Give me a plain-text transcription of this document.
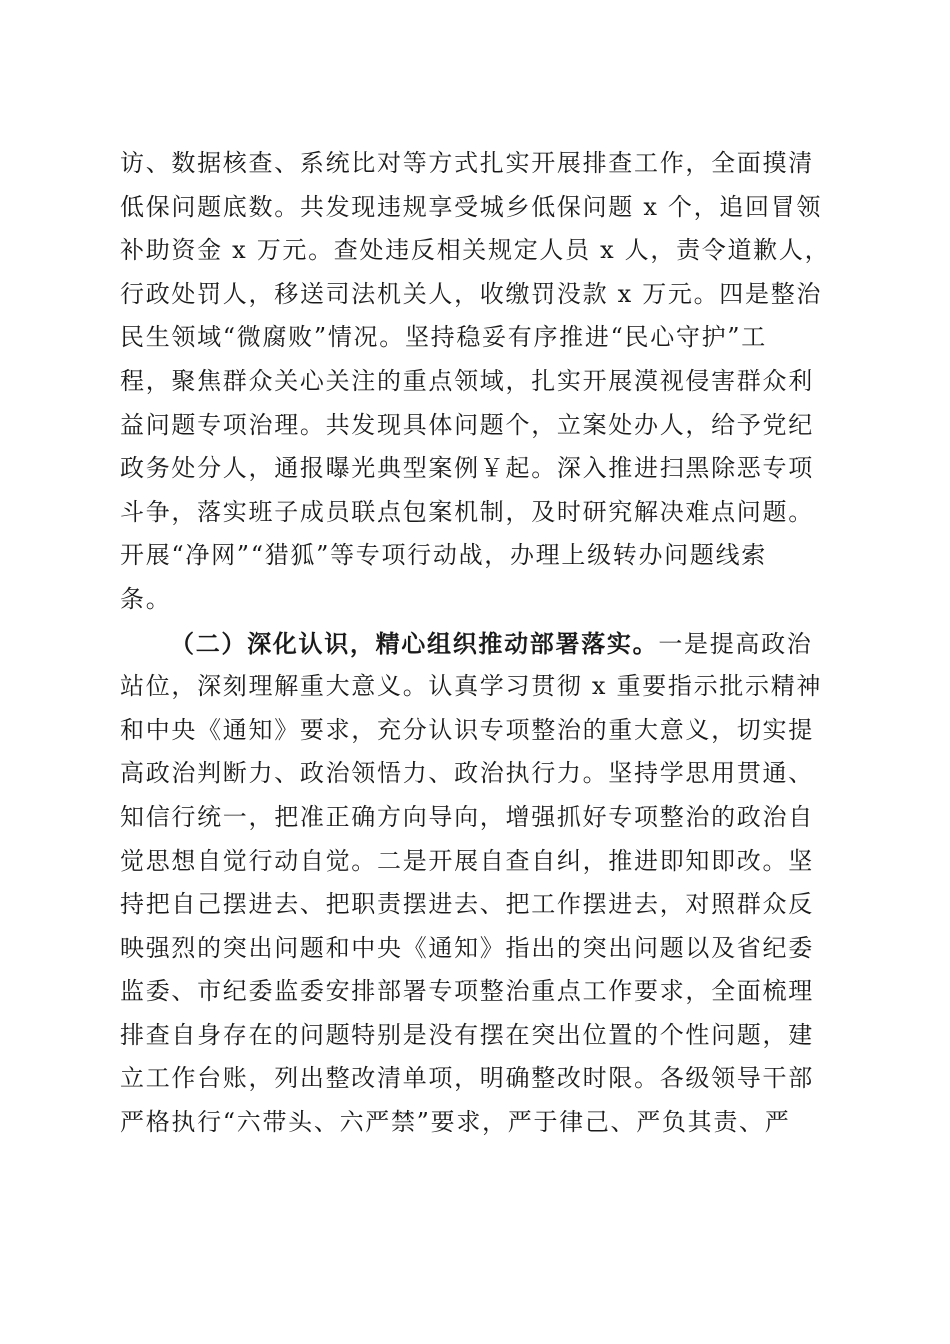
访、数据核查、系统比对等方式扎实开展排查工作，全面摸清
低保问题底数。共发现违规享受城乡低保问题 x 个，追回冒领
补助资金 x 万元。查处违反相关规定人员 x 人，责令道歉人，
行政处罚人，移送司法机关人，收缴罚没款 x 万元。四是整治
民生领域“微腐败”情况。坚持稳妥有序推进“民心守护”工
程，聚焦群众关心关注的重点领域，扎实开展漠视侵害群众利
益问题专项治理。共发现具体问题个，立案处办人，给予党纪
政务处分人，通报曝光典型案例￥起。深入推进扫黑除恶专项
斗争，落实班子成员联点包案机制，及时研究解决难点问题。
开展“净网”“猎狐”等专项行动战，办理上级转办问题线索
条。
（二）深化认识，精心组织推动部署落实。一是提高政治
站位，深刻理解重大意义。认真学习贯彻 x 重要指示批示精神
和中央《通知》要求，充分认识专项整治的重大意义，切实提
高政治判断力、政治领悟力、政治执行力。坚持学思用贯通、
知信行统一，把准正确方向导向，增强抓好专项整治的政治自
觉思想自觉行动自觉。二是开展自查自纠，推进即知即改。坚
持把自己摆进去、把职责摆进去、把工作摆进去，对照群众反
映强烈的突出问题和中央《通知》指出的突出问题以及省纪委
监委、市纪委监委安排部署专项整治重点工作要求，全面梳理
排查自身存在的问题特别是没有摆在突出位置的个性问题，建
立工作台账，列出整改清单项，明确整改时限。各级领导干部
严格执行“六带头、六严禁”要求，严于律己、严负其责、严
